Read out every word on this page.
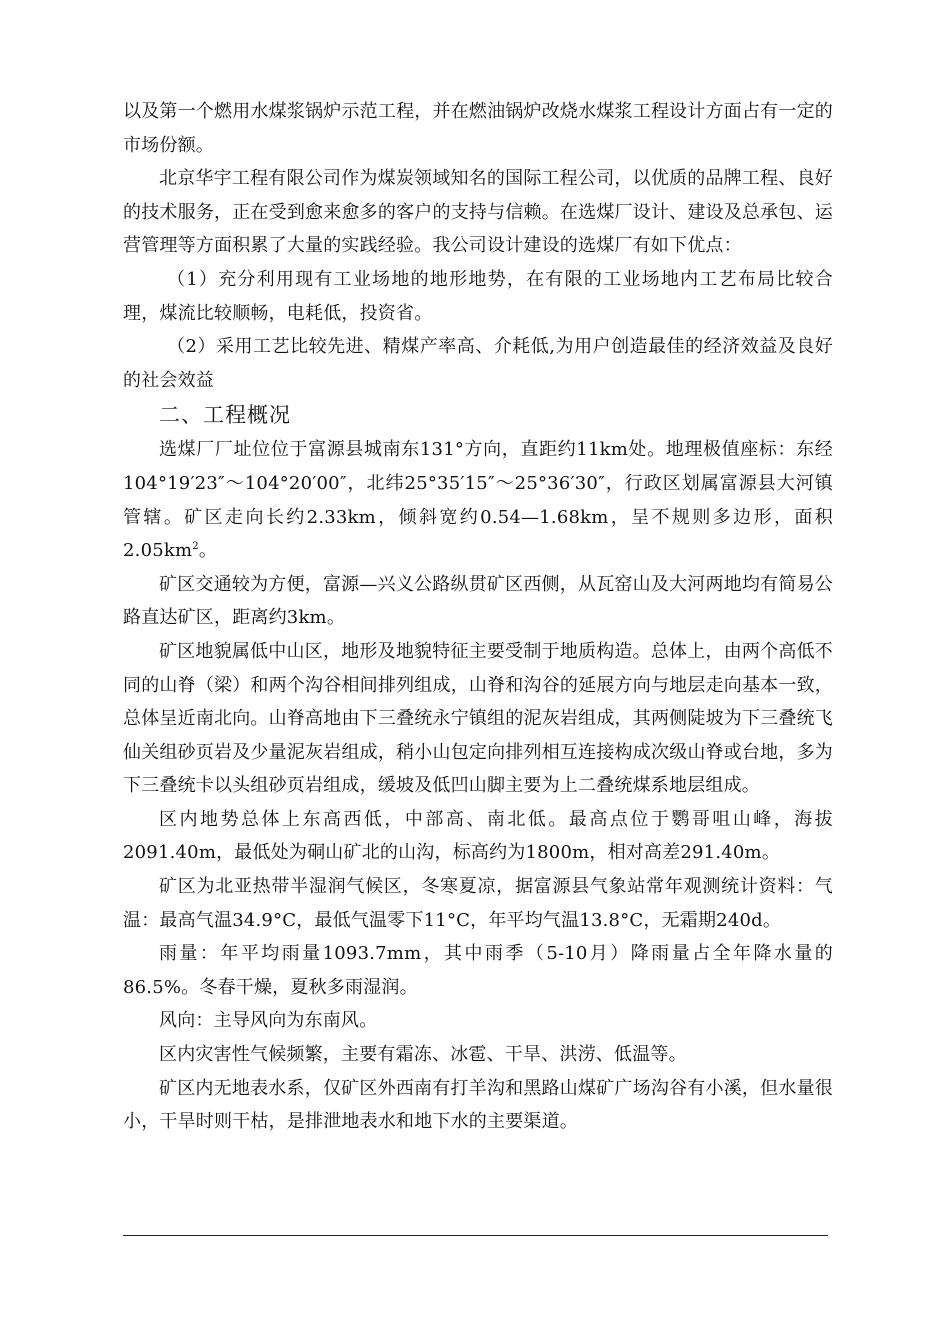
以及第一个燃用水煤浆锅炉示范工程，并在燃油锅炉改烧水煤浆工程设计方面占有一定的市场份额。

北京华宇工程有限公司作为煤炭领域知名的国际工程公司，以优质的品牌工程、良好的技术服务，正在受到愈来愈多的客户的支持与信赖。在选煤厂设计、建设及总承包、运营管理等方面积累了大量的实践经验。我公司设计建设的选煤厂有如下优点：

（1）充分利用现有工业场地的地形地势，在有限的工业场地内工艺布局比较合理，煤流比较顺畅，电耗低，投资省。

（2）采用工艺比较先进、精煤产率高、介耗低,为用户创造最佳的经济效益及良好的社会效益

二、工程概况

选煤厂厂址位位于富源县城南东131°方向，直距约11km处。地理极值座标：东经104°19′23″～104°20′00″，北纬25°35′15″～25°36′30″，行政区划属富源县大河镇管辖。矿区走向长约2.33km，倾斜宽约0.54—1.68km，呈不规则多边形，面积$2.05km^2$。

矿区交通较为方便，富源—兴义公路纵贯矿区西侧，从瓦窑山及大河两地均有简易公路直达矿区，距离约3km。

矿区地貌属低中山区，地形及地貌特征主要受制于地质构造。总体上，由两个高低不同的山脊（梁）和两个沟谷相间排列组成，山脊和沟谷的延展方向与地层走向基本一致，总体呈近南北向。山脊高地由下三叠统永宁镇组的泥灰岩组成，其两侧陡坡为下三叠统飞仙关组砂页岩及少量泥灰岩组成，稍小山包定向排列相互连接构成次级山脊或台地，多为下三叠统卡以头组砂页岩组成，缓坡及低凹山脚主要为上二叠统煤系地层组成。

区内地势总体上东高西低，中部高、南北低。最高点位于鹦哥咀山峰，海拔2091.40m，最低处为硐山矿北的山沟，标高约为1800m，相对高差291.40m。

矿区为北亚热带半湿润气候区，冬寒夏凉，据富源县气象站常年观测统计资料：气温：最高气温34.9°C，最低气温零下11°C，年平均气温13.8°C，无霜期240d。

雨量：年平均雨量1093.7mm，其中雨季（5-10月）降雨量占全年降水量的86.5%。冬春干燥，夏秋多雨湿润。

风向：主导风向为东南风。

区内灾害性气候频繁，主要有霜冻、冰雹、干旱、洪涝、低温等。

矿区内无地表水系，仅矿区外西南有打羊沟和黑路山煤矿广场沟谷有小溪，但水量很小，干旱时则干枯，是排泄地表水和地下水的主要渠道。
